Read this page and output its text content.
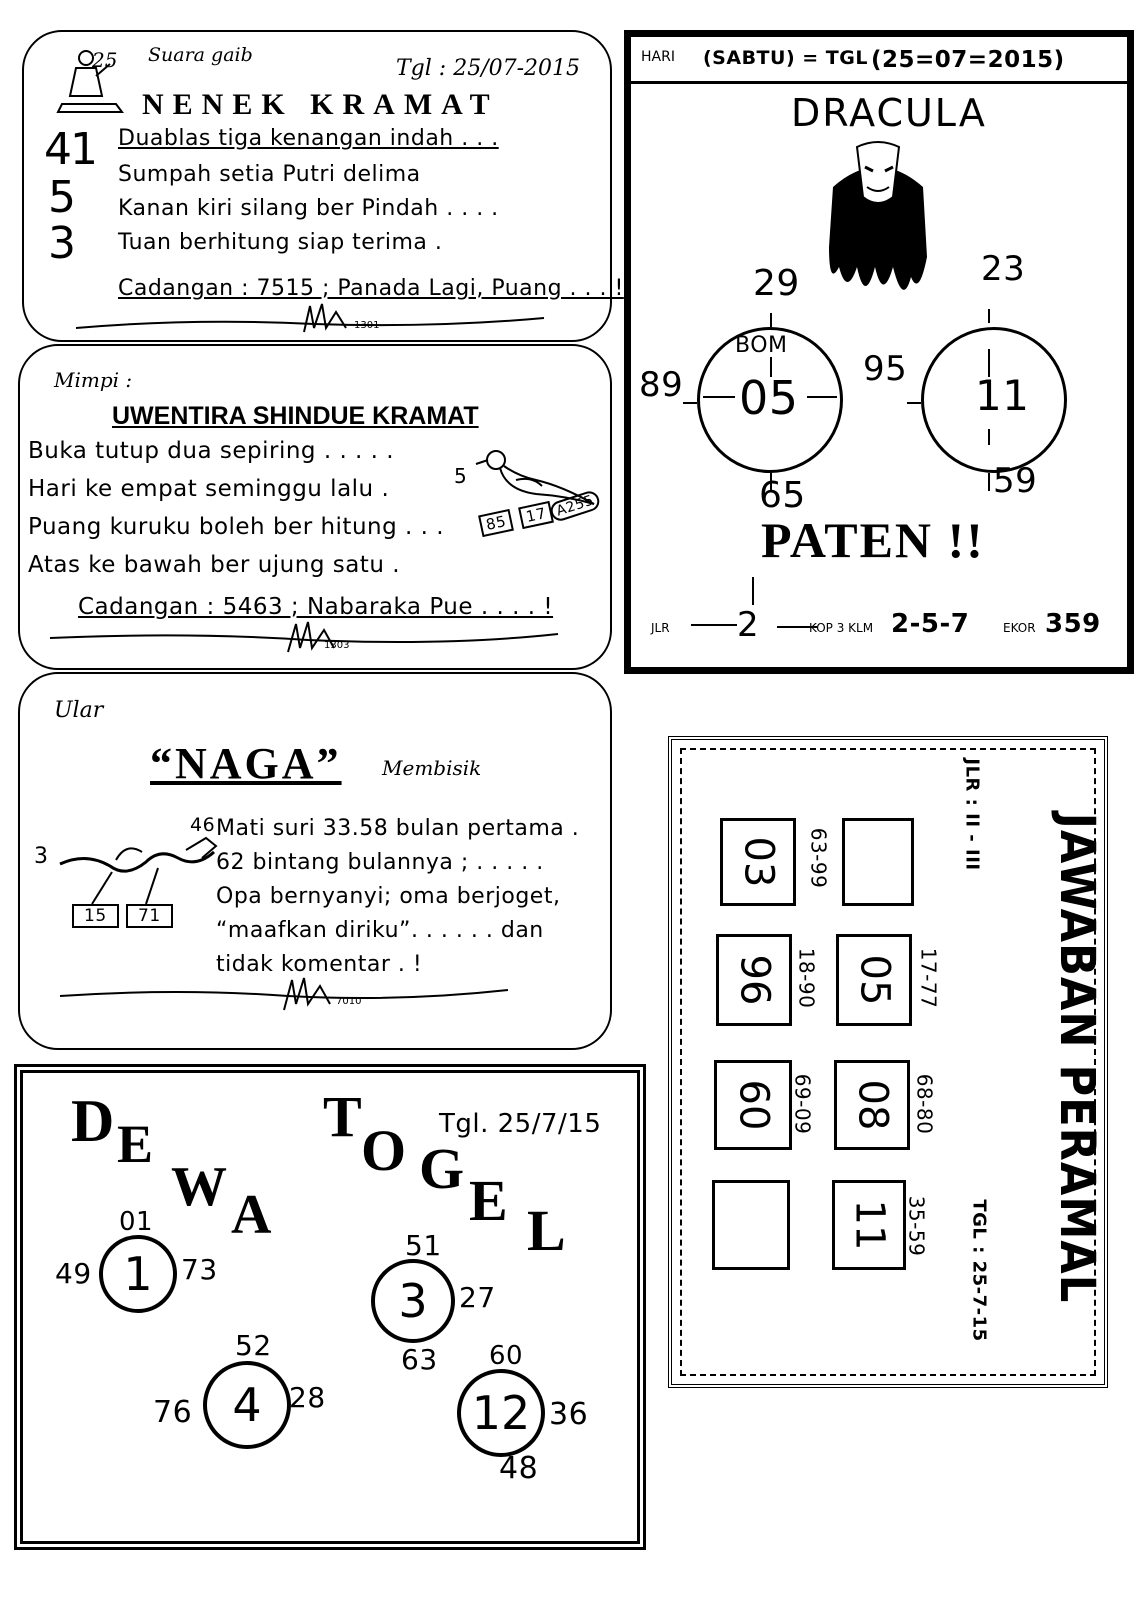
25 Suara gaib
Tgl : 25/07-2015
NENEK KRAMAT
4
1
5
3
Duablas tiga kenangan indah . . .
Sumpah setia Putri delima
Kanan kiri silang ber Pindah . . . .
Tuan berhitung siap terima .
Cadangan : 7515 ; Panada Lagi, Puang . . . !
1301
Mimpi :
UWENTIRA SHINDUE KRAMAT
Buka tutup dua sepiring . . . . .
Hari ke empat seminggu lalu .
Puang kuruku boleh ber hitung . . .
Atas ke bawah ber ujung satu .
5
85	17 A255
Cadangan : 5463 ; Nabaraka Pue . . . . !
1303
Ular
“NAGA” Membisik
46
3
15	71
Mati suri 33.58 bulan pertama .
62 bintang bulannya ; . . . . .
Opa bernyanyi; oma berjoget,
“maafkan diriku”. . . . . . dan
tidak komentar . !
7010
D E
W A
T
O G E L
Tgl. 25/7/15
1
01
49	73
3
51
27
63
4
52
76	28	12
60
36
48
HARI (SABTU) = TGL (25=07=2015)
DRACULA
29
89
65
BOM
05
23
95
59
11
PATEN !!
JLR 2	KOP 3 KLM 2-5-7	EKOR 359
03	63-99
96 18-90 05 17-77
60 69-09 08 68-80
11 35-59
JLR : II - III	JAWABAN PERAMAL
TGL : 25-7-15
